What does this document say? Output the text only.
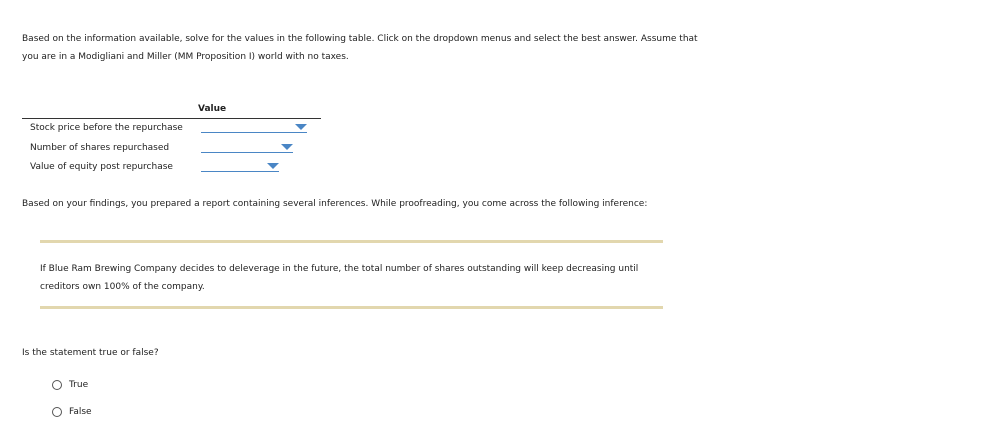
Based on the information available, solve for the values in the following table. Click on the dropdown menus and select the best answer. Assume that

you are in a Modigliani and Miller (MM Proposition I) world with no taxes.

Value
Stock price before the repurchase
Number of shares repurchased
Value of equity post repurchase
Based on your findings, you prepared a report containing several inferences. While proofreading, you come across the following inference:
If Blue Ram Brewing Company decides to deleverage in the future, the total number of shares outstanding will keep decreasing until
creditors own 100% of the company.
Is the statement true or false?
True
False
